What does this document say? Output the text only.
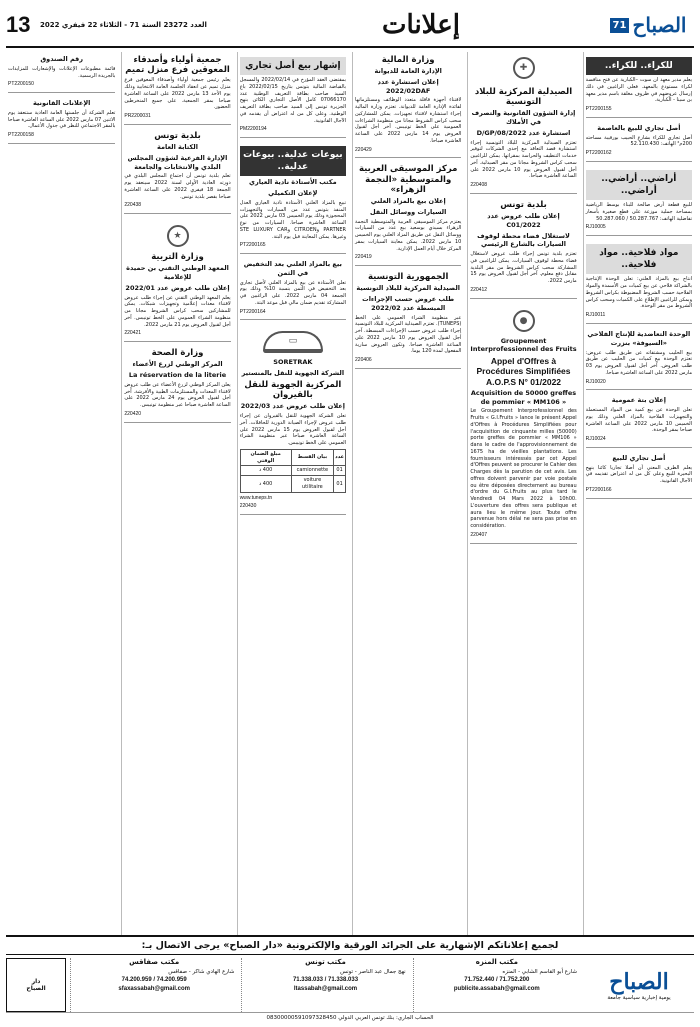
الصباح
71
إعلانات
العدد 23272 السنة 71 - الثلاثاء 22 فيفري 2022
13
للكراء.. للكراء..

يعلم مدير معهد ان سوت –الكبارية عن فتح منافسة لكراء مستودع بالمعهد. فعلى الراغبين في ذلك إرسال عروضهم في ظروف مغلقة باسم مدير معهد بن سينا - الكبارية.

PT2200155
أصل تجاري للبيع بالعاصمة

أصل تجاري للكراء بشارع الحبيب بورقيبة مساحته 200م² الهاتف: 52.110.430

PT2200162
أراضي.. أراضي.. أراضي..

للبيع قطعة أرض صالحة للبناء بوسط الرياضية بمساحة جملية موزعة على قطع صغيرة بأسعار تفاضلية الهاتف: 50.287.767 / 50.287.060

RJ10005
مواد فلاحية.. مواد فلاحية..

انتاج بيع بالمزاد العلني: تعلن الوحدة الإنتاجية بالشراكة فلاحي عن بيع كميات من الأسمدة والمواد الفلاحية حسب الشروط المضبوطة بكراس الشروط ويمكن للراغبين الإطلاع على الكميات وسحب كراس الشروط من مقر الوحدة.

RJ10011
الوحدة التعاضدية للإنتاج الفلاحي «السيوفة» بنزرت

بيع الحليب ومشتقاته عن طريق طلب عروض: تعتزم الوحدة بيع كميات من الحليب عن طريق طلب العروض. آخر أجل لقبول العروض يوم 03 مارس 2022 على الساعة العاشرة صباحا.

RJ10020
إعلان بتة عمومية

تعلن الوحدة عن بيع كمية من المواد المستعملة والتجهيزات الفلاحية بالمزاد العلني وذلك يوم الخميس 10 مارس 2022 على الساعة العاشرة صباحا بمقر الوحدة.

RJ10024
أصل تجاري للبيع

يعلم الطرف المعني أن أصلا تجاريا كائنا بنهج البحيرة للبيع وعلى كل من له اعتراض تقديمه في الآجال القانونية.

PT2200166
✚
الصيدلية المركزية للبلاد التونسية
إدارة الشؤون القانونية والتصرف في الأملاك
استشارة عدد 2022/D/GP/08

تعتزم الصيدلية المركزية للبلاد التونسية إجراء استشارة قصد التعاقد مع إحدى الشركات لتوفير خدمات التنظيف والحراسة بمقراتها. يمكن للراغبين سحب كراس الشروط مجانا من مقر الصيدلية. آخر أجل لقبول العروض يوم 10 مارس 2022 على الساعة العاشرة صباحا.

220408
بلدية تونس
إعلان طلب عروض عدد 2022/C01
لاستغلال فضاء محطة لوقوف السيارات بالشارع الرئيسي

تعتزم بلدية تونس إجراء طلب عروض لاستغلال فضاء محطة لوقوف السيارات. يمكن للراغبين في المشاركة سحب كراس الشروط من مقر البلدية مقابل دفع معلوم. آخر أجل لقبول العروض يوم 15 مارس 2022.

220412
●
Groupement Interprofessionnel des Fruits
Appel d'Offres à Procédures Simplifiées A.O.P.S N° 01/2022
Acquisition de 50000 greffes de pommier « MM106 »

Le Groupement Interprofessionnel des Fruits « G.I.Fruits » lance le présent Appel d'Offres à Procédures Simplifiées pour l'acquisition de cinquante milles (50000) porte greffes de pommier « MM106 » dans le cadre de l'approvisionnement de 1675 ha de vieilles plantations. Les fournisseurs intéressés par cet Appel d'Offres peuvent se procurer le Cahier des Charges dès la parution de cet avis. Les offres doivent parvenir par voie postale ou être déposées directement au bureau d'ordre du G.I.Fruits au plus tard le Vendredi 04 Mars 2022 à 10h00. L'ouverture des offres sera publique et aura lieu le même jour. Toute offre parvenue hors délai ne sera pas prise en considération.

220407
وزارة المالية
الإدارة العامة للديوانة
إعلان استشارة عدد 2022/02DAF

لاقتناء أجهزة قافلة متعدد الوظائف ومستلزماتها لفائدة الإدارة العامة للديوانة. تعتزم وزارة المالية إجراء استشارة لاقتناء تجهيزات. يمكن للمشاركين سحب كراس الشروط مجانا من منظومة الشراءات العمومية على الخط تونيبس. آخر أجل لقبول العروض يوم 14 مارس 2022 على الساعة العاشرة صباحا.

220429
مركز الموسيقى العربية والمتوسطية «النجمة الزهراء»
إعلان بيع بالمزاد العلني
السيارات ووسائل النقل

يعتزم مركز الموسيقى العربية والمتوسطية النجمة الزهراء بسيدي بوسعيد بيع عدد من السيارات ووسائل النقل عن طريق المزاد العلني يوم الخميس 10 مارس 2022. يمكن معاينة السيارات بمقر المركز خلال أيام العمل الإدارية.

220419
الجمهورية التونسية
الصيدلية المركزية للبلاد التونسية
طلب عروض حسب الإجراءات المبسطة عدد 2022/02

عبر منظومة الشراء العمومي على الخط (TUNEPS). تعتزم الصيدلية المركزية للبلاد التونسية إجراء طلب عروض حسب الإجراءات المبسطة. آخر أجل لقبول العروض يوم 10 مارس 2022 على الساعة العاشرة صباحا. وتكون العروض سارية المفعول لمدة 120 يوما.

220406
إشهار بيع أصل تجاري

بمقتضى العقد المؤرخ في 2022/02/14 والمسجل بالقباضة المالية بتونس بتاريخ 2022/02/15 باع السيد صاحب بطاقة التعريف الوطنية عدد 07066170 كامل الأصل التجاري الكائن بنهج الجزيرة تونس إلى السيد صاحب بطاقة التعريف الوطنية. وعلى كل من له اعتراض أن يقدمه في الآجال القانونية.

PM2200194
بيوعات عدلية.. بيوعات عدلية..
مكتب الأستاذة نادية العياري
لإعلان التكميلي

تبيع بالمزاد العلني الأستاذة نادية العياري العدل المنفذ بتونس عدد من السيارات والتجهيزات المحجوزة وذلك يوم الخميس 03 مارس 2022 على الساعة العاشرة صباحا. السيارات من نوع PARTNER وCITROEN وSTE LUXURY CAR وغيرها. يمكن المعاينة قبل يوم البتة.

PT2200165
بيع بالمزاد العلني بعد التخفيض في الثمن

تعلن الأستاذة عن بيع بالمزاد العلني لأصل تجاري بعد التخفيض في الثمن بنسبة 10% وذلك يوم الجمعة 04 مارس 2022. على الراغبين في المشاركة تقديم ضمان مالي قبل موعد البتة.

PT2200164
▭
SORETRAK
الشركة الجهوية للنقل بالمنستير
المركزية الجهوية للنقل بالقيروان
إعلان طلب عروض عدد 2022/03

تعلن الشركة الجهوية للنقل بالقيروان عن إجراء طلب عروض لإجراء الصيانة الدورية للحافلات. آخر أجل لقبول العروض يوم 15 مارس 2022 على الساعة العاشرة صباحا عبر منظومة الشراء العمومي على الخط تونيبس.

عدد	بيان القسط	مبلغ الضمان الوقتي
01	camionnette	400 د
01	voiture utilitaire	400 د
www.tuneps.tn
220430
جمعية أولياء وأصدقاء المعوقين فرع منزل تميم

يعلم رئيس جمعية أولياء وأصدقاء المعوقين فرع منزل تميم عن انعقاد الجلسة العامة الانتخابية وذلك يوم الأحد 13 مارس 2022 على الساعة العاشرة صباحا بمقر الجمعية. على جميع المنخرطين الحضور.

PR2200031
بلدية تونس
الكتابة العامة
الإدارة الفرعية لشؤون المجلس البلدي والانتخابات والجامعة

تعلم بلدية تونس أن اجتماع المجلس البلدي في دورته العادية الأولى لسنة 2022 سينعقد يوم الجمعة 18 فيفري 2022 على الساعة العاشرة صباحا بقصر بلدية تونس.

220438
★
وزارة التربية
المعهد الوطني التقني بن حميدة للإعلامية
إعلان طلب عروض عدد 2022/01

يعلم المعهد الوطني التقني عن إجراء طلب عروض لاقتناء معدات إعلامية وتجهيزات شبكات. يمكن للمشاركين سحب كراس الشروط مجانا من منظومة الشراء العمومي على الخط تونيبس. آخر أجل لقبول العروض يوم 21 مارس 2022.

220421
وزارة الصحة
المركز الوطني لزرع الأعضاء
La réservation de la literie

يعلن المركز الوطني لزرع الأعضاء عن طلب عروض لاقتناء المعدات والمستلزمات الطبية والأفرشة. آخر أجل لقبول العروض يوم 24 مارس 2022 على الساعة العاشرة صباحا عبر منظومة تونيبس.

220420
رقم الصندوق

قائمة مطبوعات الإعلانات والإشعارات للمزايدات بالجريدة الرسمية.

PT2200150
الإعلانات القانونية

تعلم الشركة أن جلستها العامة العادية ستنعقد يوم الاثنين 07 مارس 2022 على الساعة العاشرة صباحا بالمقر الاجتماعي للنظر في جدول الأعمال.

PT2200158
لجميع إعلاناتكم الإشهارية على الجرائد الورقية والإلكترونية «دار الصباح» يرجى الاتصال بـ:
الصباح
يومية إخبارية سياسية جامعة
مكتب المنزه
شارع أبو القاسم الشابي - المنزه
71.752.440 / 71.752.200
publicite.assabah@gmail.com
مكتب تونس
نهج جمال عبد الناصر - تونس
71.338.033 / 71.338.033
ltassabah@gmail.com
مكتب صفاقس
شارع الهادي شاكر - صفاقس
74.200.959 / 74.200.959
sfaxassabah@gmail.com
دار
الصباح
الحساب الجاري: بنك تونس العربي الدولي 08300000591097328450
